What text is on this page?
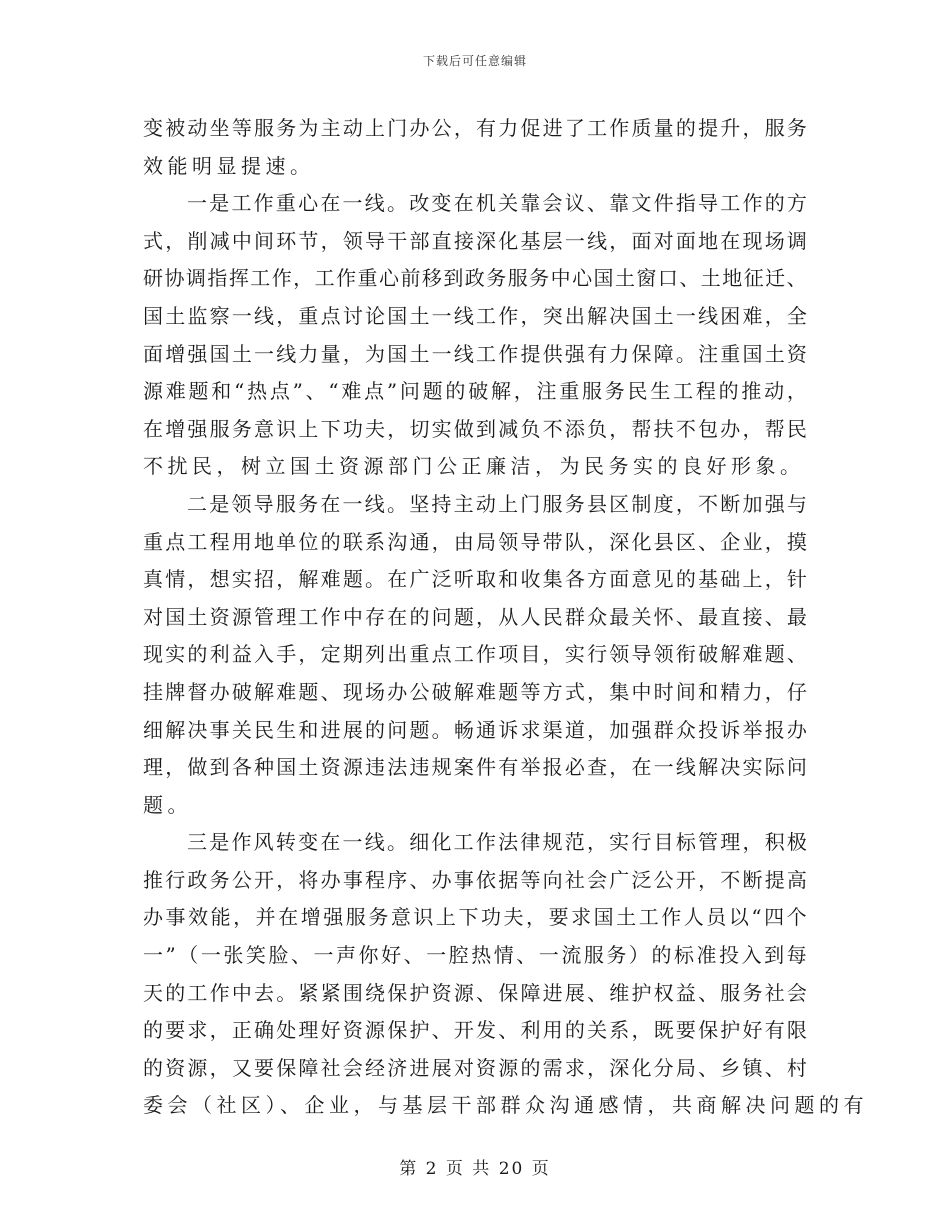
下载后可任意编辑
变 被 动 坐 等 服 务 为 主 动 上 门 办 公 ， 有 力 促 进 了 工 作 质 量 的 提 升 ， 服 务
效能明显提速。
一 是 工 作 重 心 在 一 线 。 改 变 在 机 关 靠 会 议 、 靠 文 件 指 导 工 作 的 方
式 ， 削 减 中 间 环 节 ， 领 导 干 部 直 接 深 化 基 层 一 线 ， 面 对 面 地 在 现 场 调
研 协 调 指 挥 工 作 ， 工 作 重 心 前 移 到 政 务 服 务 中 心 国 土 窗 口 、 土 地 征 迁 、
国 土 监 察 一 线 ， 重 点 讨 论 国 土 一 线 工 作 ， 突 出 解 决 国 土 一 线 困 难 ， 全
面 增 强 国 土 一 线 力 量 ， 为 国 土 一 线 工 作 提 供 强 有 力 保 障 。 注 重 国 土 资
源 难 题 和 “ 热 点 ” 、 “ 难 点 ” 问 题 的 破 解 ， 注 重 服 务 民 生 工 程 的 推 动 ，
在 增 强 服 务 意 识 上 下 功 夫 ， 切 实 做 到 减 负 不 添 负 ， 帮 扶 不 包 办 ， 帮 民
不扰民，树立国土资源部门公正廉洁，为民务实的良好形象。
二 是 领 导 服 务 在 一 线 。 坚 持 主 动 上 门 服 务 县 区 制 度 ， 不 断 加 强 与
重 点 工 程 用 地 单 位 的 联 系 沟 通 ， 由 局 领 导 带 队 ， 深 化 县 区 、 企 业 ， 摸
真 情 ， 想 实 招 ， 解 难 题 。 在 广 泛 听 取 和 收 集 各 方 面 意 见 的 基 础 上 ， 针
对 国 土 资 源 管 理 工 作 中 存 在 的 问 题 ， 从 人 民 群 众 最 关 怀 、 最 直 接 、 最
现 实 的 利 益 入 手 ， 定 期 列 出 重 点 工 作 项 目 ， 实 行 领 导 领 衔 破 解 难 题 、
挂 牌 督 办 破 解 难 题 、 现 场 办 公 破 解 难 题 等 方 式 ， 集 中 时 间 和 精 力 ， 仔
细 解 决 事 关 民 生 和 进 展 的 问 题 。 畅 通 诉 求 渠 道 ， 加 强 群 众 投 诉 举 报 办
理 ， 做 到 各 种 国 土 资 源 违 法 违 规 案 件 有 举 报 必 查 ， 在 一 线 解 决 实 际 问
题。
三 是 作 风 转 变 在 一 线 。 细 化 工 作 法 律 规 范 ， 实 行 目 标 管 理 ， 积 极
推 行 政 务 公 开 ， 将 办 事 程 序 、 办 事 依 据 等 向 社 会 广 泛 公 开 ， 不 断 提 高
办 事 效 能 ， 并 在 增 强 服 务 意 识 上 下 功 夫 ， 要 求 国 土 工 作 人 员 以 “ 四 个
一 ” （ 一 张 笑 脸 、 一 声 你 好 、 一 腔 热 情 、 一 流 服 务 ） 的 标 准 投 入 到 每
天 的 工 作 中 去 。 紧 紧 围 绕 保 护 资 源 、 保 障 进 展 、 维 护 权 益 、 服 务 社 会
的 要 求 ， 正 确 处 理 好 资 源 保 护 、 开 发 、 利 用 的 关 系 ， 既 要 保 护 好 有 限
的 资 源 ， 又 要 保 障 社 会 经 济 进 展 对 资 源 的 需 求 ， 深 化 分 局 、 乡 镇 、 村
委会（社区）、企业，与基层干部群众沟通感情，共商解决问题的有
第 2 页 共 20 页
